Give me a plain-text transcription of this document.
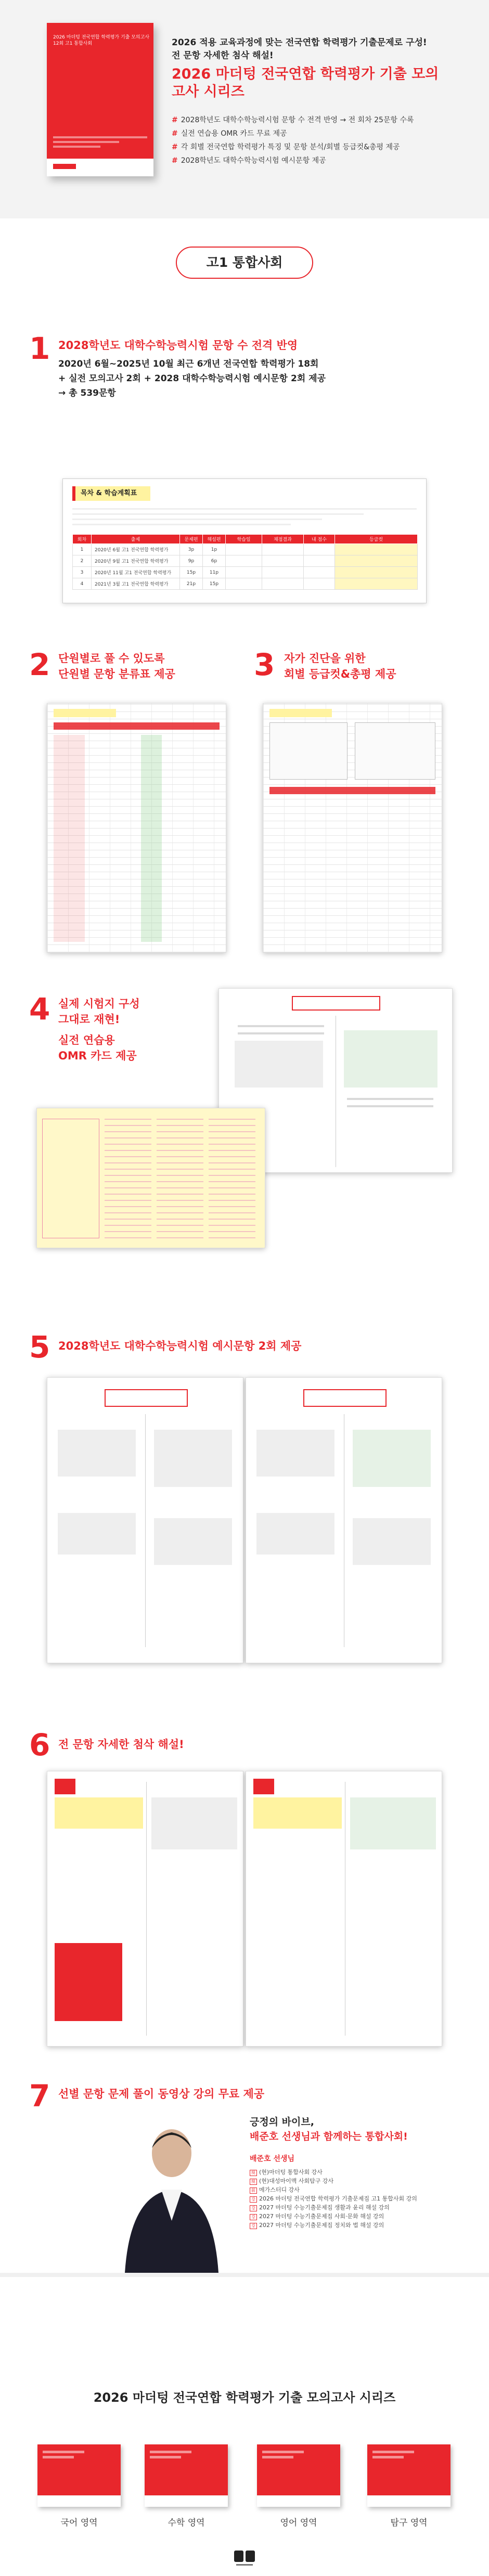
2026 마더텅 전국연합 학력평가 기출 모의고사 12회 고1 통합사회	2026 적용 교육과정에 맞는 전국연합 학력평가 기출문제로 구성!
전 문항 자세한 첨삭 해설!
2026 마더텅 전국연합 학력평가 기출 모의고사 시리즈
# 2028학년도 대학수학능력시험 문항 수 전격 반영 → 전 회차 25문항 수록
# 실전 연습용 OMR 카드 무료 제공
# 각 회별 전국연합 학력평가 특징 및 문항 분석/회별 등급컷&총평 제공
# 2028학년도 대학수학능력시험 예시문항 제공
고1 통합사회
1 2028학년도 대학수학능력시험 문항 수 전격 반영
2020년 6월~2025년 10월 최근 6개년 전국연합 학력평가 18회
+ 실전 모의고사 2회 + 2028 대학수학능력시험 예시문항 2회 제공
→ 총 539문항
목차 & 학습계획표
회차	출제	문제편	해설편	학습일	채점결과	내 점수	등급컷
1	2020년 6월 고1 전국연합 학력평가	3p	1p				
2	2020년 9월 고1 전국연합 학력평가	9p	6p				
3	2020년 11월 고1 전국연합 학력평가	15p	11p				
4	2021년 3월 고1 전국연합 학력평가	21p	15p				
2 단원별로 풀 수 있도록
단원별 문항 분류표 제공	3 자가 진단을 위한
회별 등급컷&총평 제공
4 실제 시험지 구성
그대로 재현!
실전 연습용
OMR 카드 제공
5 2028학년도 대학수학능력시험 예시문항 2회 제공
6 전 문항 자세한 첨삭 해설!
7 선별 문항 문제 풀이 동영상 강의 무료 제공
긍정의 바이브,
배준호 선생님과 함께하는 통합사회!
배준호 선생님
現 (현)마더텅 통합사회 강사
現 (현)대성마이맥 사회탐구 강사
前 메가스터디 강사
강 2026 마더텅 전국연합 학력평가 기출문제집 고1 통합사회 강의
강 2027 마더텅 수능기출문제집 생활과 윤리 해설 강의
강 2027 마더텅 수능기출문제집 사회·문화 해설 강의
강 2027 마더텅 수능기출문제집 정치와 법 해설 강의
2026 마더텅 전국연합 학력평가 기출 모의고사 시리즈
국어 영역	수학 영역	영어 영역	탐구 영역
